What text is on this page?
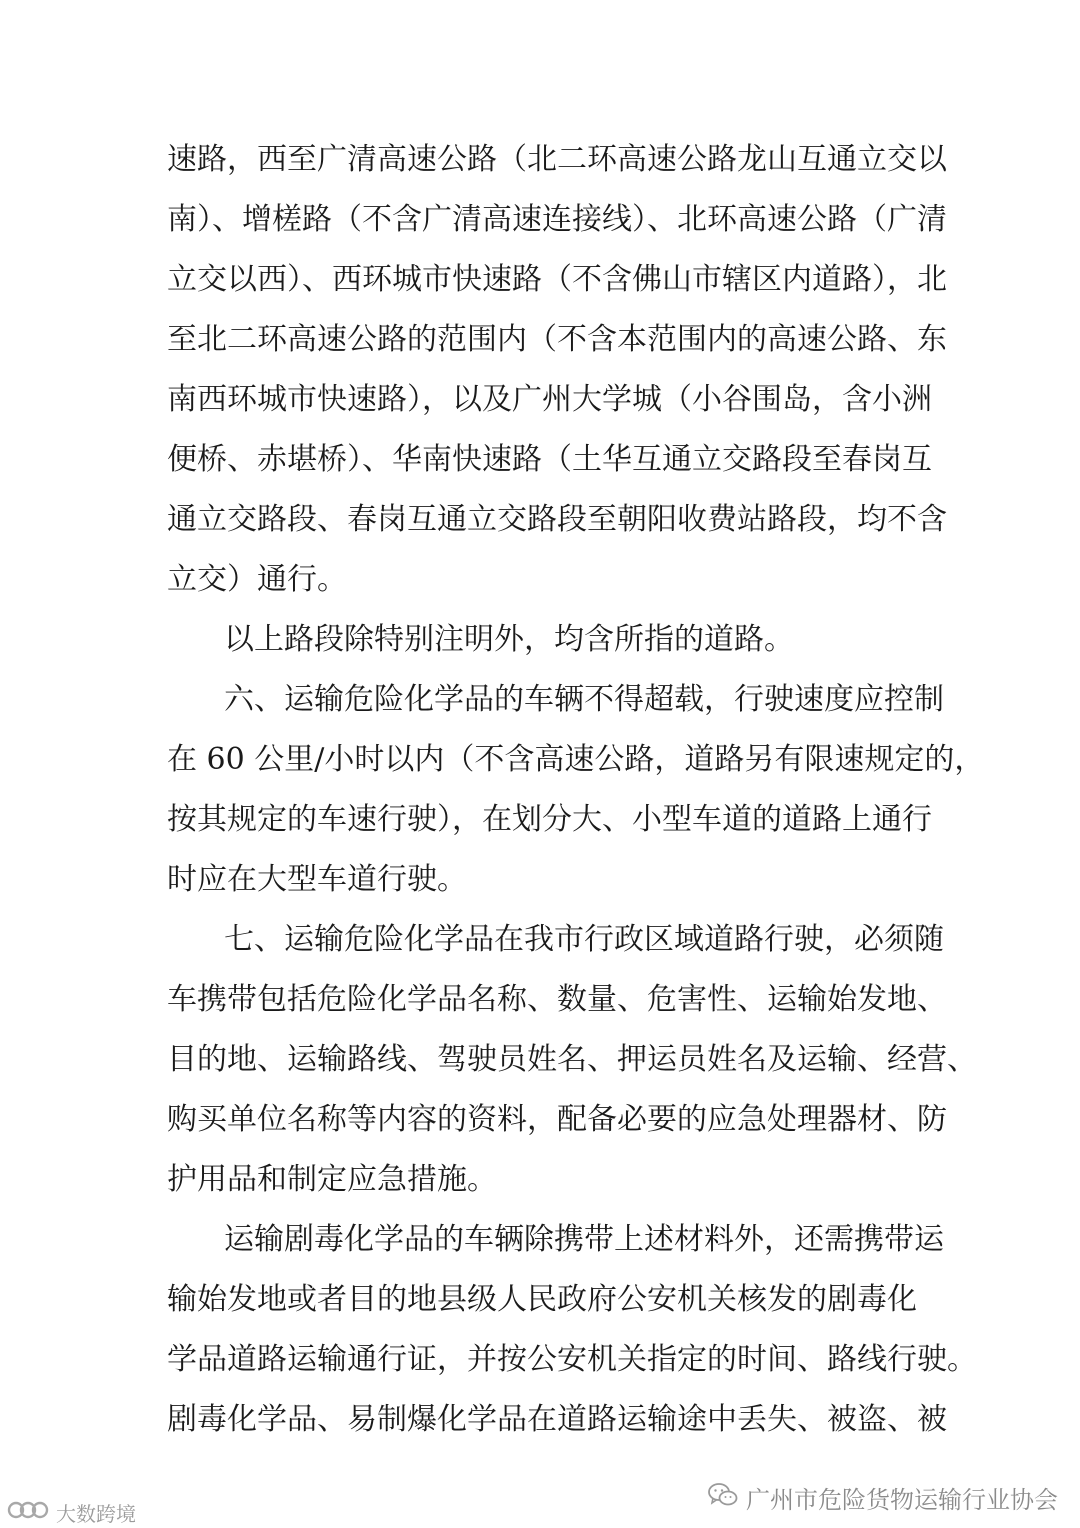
速路，西至广清高速公路（北二环高速公路龙山互通立交以
南）、增槎路（不含广清高速连接线）、北环高速公路（广清
立交以西）、西环城市快速路（不含佛山市辖区内道路），北
至北二环高速公路的范围内（不含本范围内的高速公路、东
南西环城市快速路），以及广州大学城（小谷围岛，含小洲
便桥、赤堪桥）、华南快速路（土华互通立交路段至春岗互
通立交路段、春岗互通立交路段至朝阳收费站路段，均不含
立交）通行。
以上路段除特别注明外，均含所指的道路。
六、运输危险化学品的车辆不得超载，行驶速度应控制
在 60 公里/小时以内（不含高速公路，道路另有限速规定的，
按其规定的车速行驶），在划分大、小型车道的道路上通行
时应在大型车道行驶。
七、运输危险化学品在我市行政区域道路行驶，必须随
车携带包括危险化学品名称、数量、危害性、运输始发地、
目的地、运输路线、驾驶员姓名、押运员姓名及运输、经营、
购买单位名称等内容的资料，配备必要的应急处理器材、防
护用品和制定应急措施。
运输剧毒化学品的车辆除携带上述材料外，还需携带运
输始发地或者目的地县级人民政府公安机关核发的剧毒化
学品道路运输通行证，并按公安机关指定的时间、路线行驶。
剧毒化学品、易制爆化学品在道路运输途中丢失、被盗、被
广州市危险货物运输行业协会
大数跨境
